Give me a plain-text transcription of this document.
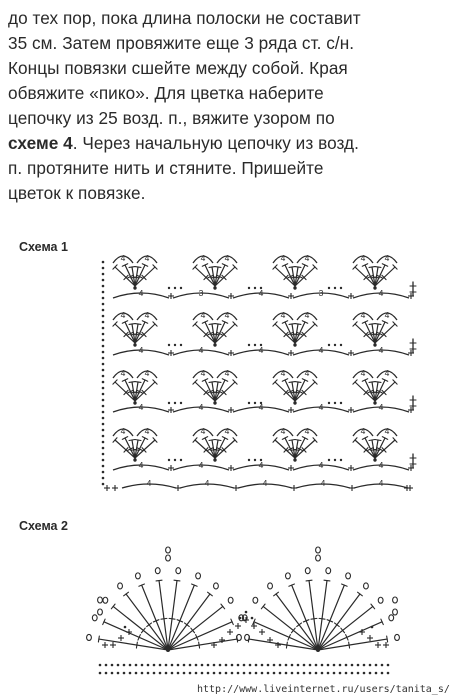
до тех пор, пока длина полоски не составит
35 см. Затем провяжите еще 3 ряда ст. с/н.
Концы повязки сшейте между собой. Края
обвяжите «пико». Для цветка наберите
цепочку из 25 возд. п., вяжите узором по
схеме 4. Через начальную цепочку из возд.
п. протяните нить и стяните. Пришейте
цветок к повязке.
Схема 1
Схема 2
4 4	4 4	4 4	4 4
4 4	4 4	4 4	4 4
4 4	4 4	4 4	4 4
4 4	4 4	4 4	4 4
4	3	4	3	4
4	4	4	4	4
4	4	4	4	4
4	4	4	4	4
4	4	4	4	4
http://www.liveinternet.ru/users/tanita_s/
